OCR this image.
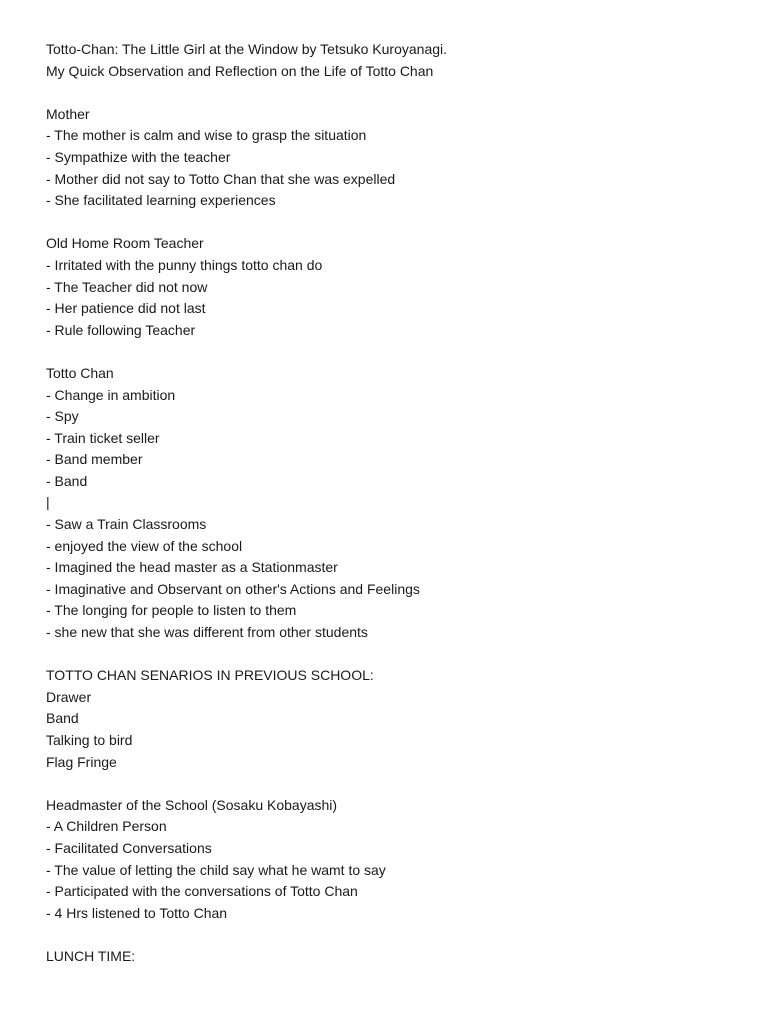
Totto-Chan: The Little Girl at the Window by Tetsuko Kuroyanagi.
My Quick Observation and Reflection on the Life of Totto Chan
Mother
- The mother is calm and wise to grasp the situation
- Sympathize with the teacher
- Mother did not say to Totto Chan that she was expelled
- She facilitated learning experiences
Old Home Room Teacher
- Irritated with the punny things totto chan do
- The Teacher did not now
- Her patience did not last
- Rule following Teacher
Totto Chan
- Change in ambition
- Spy
- Train ticket seller
- Band member
- Band
|
- Saw a Train Classrooms
- enjoyed the view of the school
- Imagined the head master as a Stationmaster
- Imaginative and Observant on other's Actions and Feelings
- The longing for people to listen to them
- she new that she was different from other students
TOTTO CHAN SENARIOS IN PREVIOUS SCHOOL:
Drawer
Band
Talking to bird
Flag Fringe
Headmaster of the School (Sosaku Kobayashi)
- A Children Person
- Facilitated Conversations
- The value of letting the child say what he wamt to say
- Participated with the conversations of Totto Chan
- 4 Hrs listened to Totto Chan
LUNCH TIME:
